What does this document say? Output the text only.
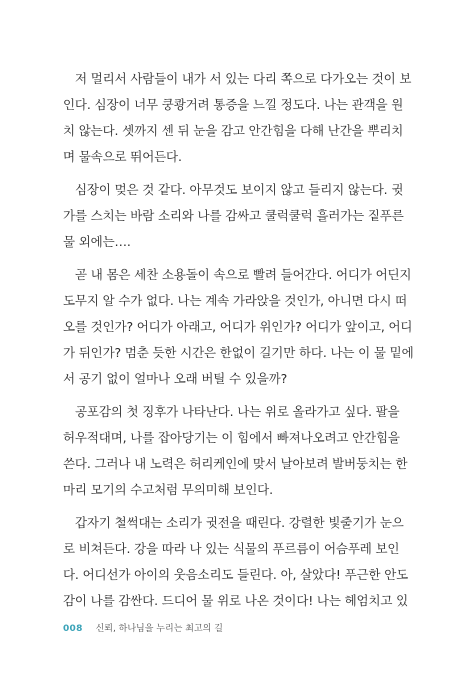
저 멀리서 사람들이 내가 서 있는 다리 쪽으로 다가오는 것이 보
인다. 심장이 너무 쿵쾅거려 통증을 느낄 정도다. 나는 관객을 원
치 않는다. 셋까지 센 뒤 눈을 감고 안간힘을 다해 난간을 뿌리치
며 물속으로 뛰어든다.
심장이 멎은 것 같다. 아무것도 보이지 않고 들리지 않는다. 귓
가를 스치는 바람 소리와 나를 감싸고 쿨럭쿨럭 흘러가는 짙푸른
물 외에는….
곧 내 몸은 세찬 소용돌이 속으로 빨려 들어간다. 어디가 어딘지
도무지 알 수가 없다. 나는 계속 가라앉을 것인가, 아니면 다시 떠
오를 것인가? 어디가 아래고, 어디가 위인가? 어디가 앞이고, 어디
가 뒤인가? 멈춘 듯한 시간은 한없이 길기만 하다. 나는 이 물 밑에
서 공기 없이 얼마나 오래 버틸 수 있을까?
공포감의 첫 징후가 나타난다. 나는 위로 올라가고 싶다. 팔을
허우적대며, 나를 잡아당기는 이 힘에서 빠져나오려고 안간힘을
쓴다. 그러나 내 노력은 허리케인에 맞서 날아보려 발버둥치는 한
마리 모기의 수고처럼 무의미해 보인다.
갑자기 철썩대는 소리가 귓전을 때린다. 강렬한 빛줄기가 눈으
로 비쳐든다. 강을 따라 나 있는 식물의 푸르름이 어슴푸레 보인
다. 어디선가 아이의 웃음소리도 들린다. 아, 살았다! 푸근한 안도
감이 나를 감싼다. 드디어 물 위로 나온 것이다! 나는 헤엄치고 있
008 신뢰, 하나님을 누리는 최고의 길
